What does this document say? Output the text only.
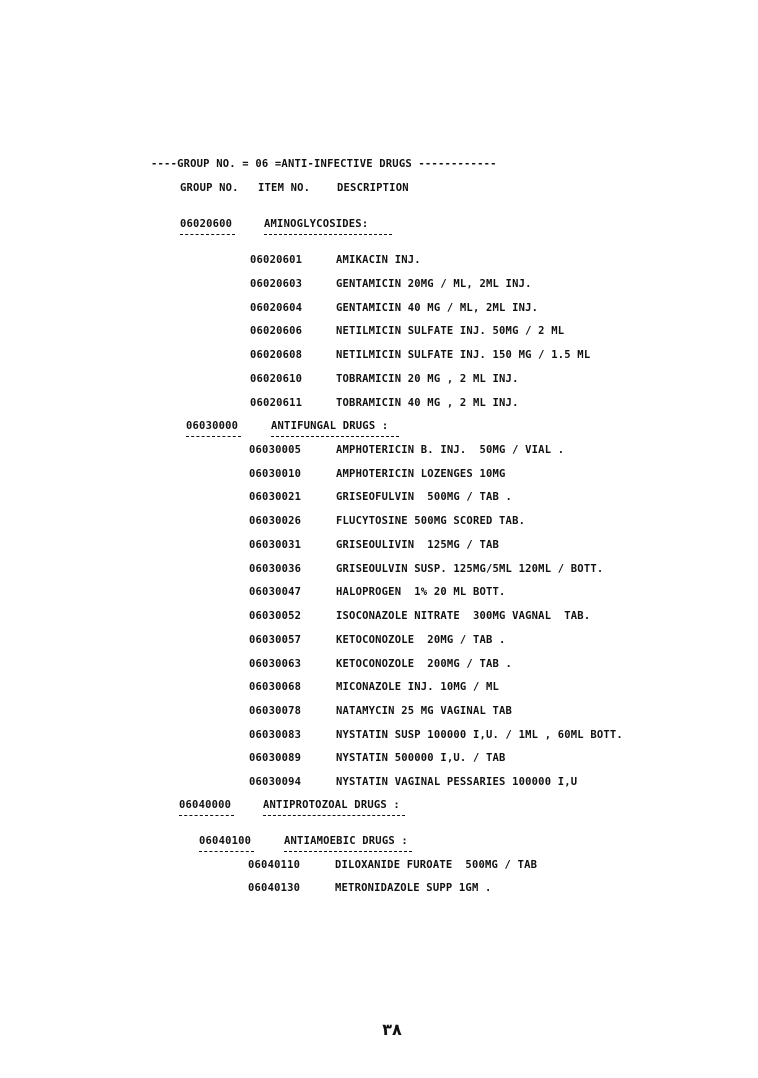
----GROUP NO. = 06 =ANTI-INFECTIVE DRUGS ------------
GROUP NO. ITEM NO.	DESCRIPTION
06020600	AMINOGLYCOSIDES:
06020601	AMIKACIN INJ.
06020603	GENTAMICIN 20MG / ML, 2ML INJ.
06020604	GENTAMICIN 40 MG / ML, 2ML INJ.
06020606	NETILMICIN SULFATE INJ. 50MG / 2 ML
06020608	NETILMICIN SULFATE INJ. 150 MG / 1.5 ML
06020610	TOBRAMICIN 20 MG , 2 ML INJ.
06020611	TOBRAMICIN 40 MG , 2 ML INJ.
06030000	ANTIFUNGAL DRUGS :
06030005	AMPHOTERICIN B. INJ.  50MG / VIAL .
06030010	AMPHOTERICIN LOZENGES 10MG
06030021	GRISEOFULVIN  500MG / TAB .
06030026	FLUCYTOSINE 500MG SCORED TAB.
06030031	GRISEOULIVIN  125MG / TAB
06030036	GRISEOULVIN SUSP. 125MG/5ML 120ML / BOTT.
06030047	HALOPROGEN  1% 20 ML BOTT.
06030052	ISOCONAZOLE NITRATE  300MG VAGNAL  TAB.
06030057	KETOCONOZOLE  20MG / TAB .
06030063	KETOCONOZOLE  200MG / TAB .
06030068	MICONAZOLE INJ. 10MG / ML
06030078	NATAMYCIN 25 MG VAGINAL TAB
06030083	NYSTATIN SUSP 100000 I,U. / 1ML , 60ML BOTT.
06030089	NYSTATIN 500000 I,U. / TAB
06030094	NYSTATIN VAGINAL PESSARIES 100000 I,U
06040000	ANTIPROTOZOAL DRUGS :
06040100	ANTIAMOEBIC DRUGS :
06040110	DILOXANIDE FUROATE  500MG / TAB
06040130	METRONIDAZOLE SUPP 1GM .
٣٨
